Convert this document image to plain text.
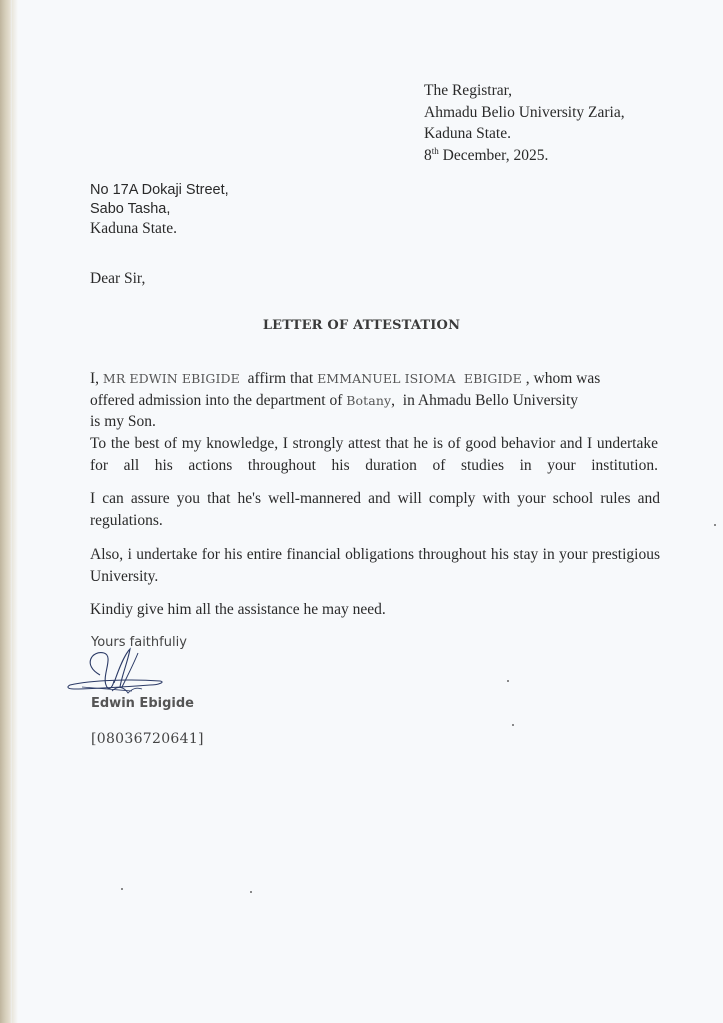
The Registrar,
Ahmadu Belio University Zaria,
Kaduna State.
8th December, 2025.
No 17A Dokaji Street,
Sabo Tasha,
Kaduna State.
Dear Sir,
LETTER OF ATTESTATION
I, MR EDWIN EBIGIDE  affirm that EMMANUEL ISIOMA  EBIGIDE , whom was
offered admission into the department of Botany,  in Ahmadu Bello University
is my Son.
To the best of my knowledge, I strongly attest that he is of good behavior and I undertake for all his actions throughout his duration of studies in your institution.
I can assure you that he's well-mannered and will comply with your school rules and regulations.
Also, i undertake for his entire financial obligations throughout his stay in your prestigious University.
Kindiy give him all the assistance he may need.
Yours faithfuliy
Edwin Ebigide
[08036720641]
